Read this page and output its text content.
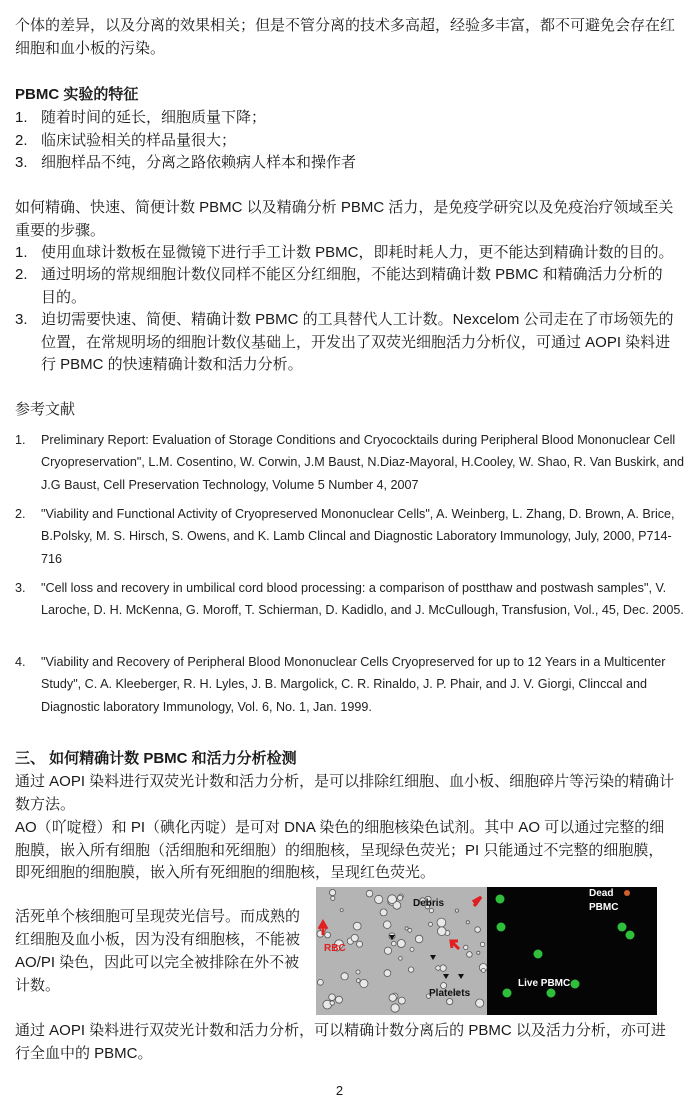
个体的差异，以及分离的效果相关；但是不管分离的技术多高超，经验多丰富，都不可避免会存在红细胞和血小板的污染。
PBMC 实验的特征
1. 随着时间的延长，细胞质量下降；
2. 临床试验相关的样品量很大；
3. 细胞样品不纯，分离之路依赖病人样本和操作者
如何精确、快速、简便计数 PBMC 以及精确分析 PBMC 活力，是免疫学研究以及免疫治疗领域至关重要的步骤。
1. 使用血球计数板在显微镜下进行手工计数 PBMC，即耗时耗人力，更不能达到精确计数的目的。
2. 通过明场的常规细胞计数仪同样不能区分红细胞，不能达到精确计数 PBMC 和精确活力分析的目的。
3. 迫切需要快速、简便、精确计数 PBMC 的工具替代人工计数。Nexcelom 公司走在了市场领先的位置，在常规明场的细胞计数仪基础上，开发出了双荧光细胞活力分析仪，可通过 AOPI 染料进行 PBMC 的快速精确计数和活力分析。
参考文献
1. Preliminary Report: Evaluation of Storage Conditions and Cryococktails during Peripheral Blood Mononuclear Cell Cryopreservation", L.M. Cosentino, W. Corwin, J.M Baust, N.Diaz-Mayoral, H.Cooley, W. Shao, R. Van Buskirk, and J.G Baust, Cell Preservation Technology, Volume 5 Number 4, 2007
2. "Viability and Functional Activity of Cryopreserved Mononuclear Cells", A. Weinberg, L. Zhang, D. Brown, A. Brice, B.Polsky, M. S. Hirsch, S. Owens, and K. Lamb Clincal and Diagnostic Laboratory Immunology, July, 2000, P714-716
3. "Cell loss and recovery in umbilical cord blood processing: a comparison of postthaw and postwash samples", V. Laroche, D. H. McKenna, G. Moroff, T. Schierman, D. Kadidlo, and J. McCullough, Transfusion, Vol., 45, Dec. 2005.
4. "Viability and Recovery of Peripheral Blood Mononuclear Cells Cryopreserved for up to 12 Years in a Multicenter Study", C. A. Kleeberger, R. H. Lyles, J. B. Margolick, C. R. Rinaldo, J. P. Phair, and J. V. Giorgi, Clinccal and Diagnostic laboratory Immunology, Vol. 6, No. 1, Jan. 1999.
三、 如何精确计数 PBMC 和活力分析检测
通过 AOPI 染料进行双荧光计数和活力分析，是可以排除红细胞、血小板、细胞碎片等污染的精确计数方法。
AO（吖啶橙）和 PI（碘化丙啶）是可对 DNA 染色的细胞核染色试剂。其中 AO 可以通过完整的细胞膜，嵌入所有细胞（活细胞和死细胞）的细胞核，呈现绿色荧光；PI 只能通过不完整的细胞膜，即死细胞的细胞膜，嵌入所有死细胞的细胞核，呈现红色荧光。
活死单个核细胞可呈现荧光信号。而成熟的红细胞及血小板，因为没有细胞核，不能被 AO/PI 染色，因此可以完全被排除在外不被计数。
Debris
RBC
Platelets
Dead
PBMC
Live PBMC
通过 AOPI 染料进行双荧光计数和活力分析，可以精确计数分离后的 PBMC 以及活力分析，亦可进行全血中的 PBMC。
2
